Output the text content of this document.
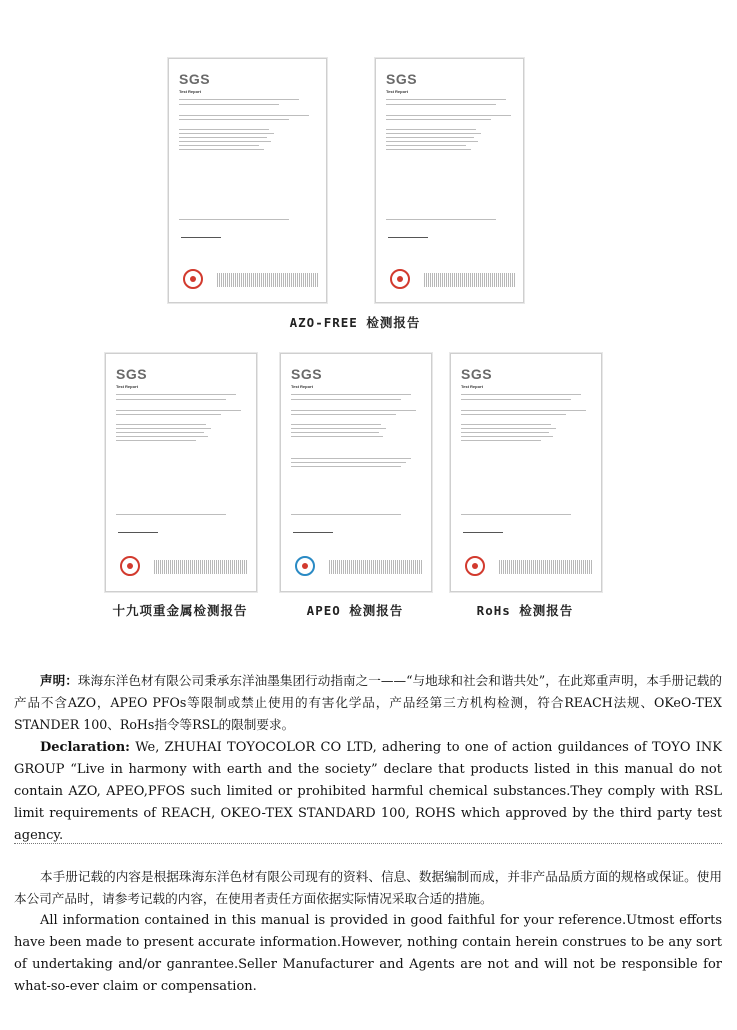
SGS
Test Report
SGS
Test Report
AZO-FREE 检测报告
SGS
Test Report
SGS
Test Report
SGS
Test Report
十九项重金属检测报告	APEO 检测报告	RoHs 检测报告
声明：珠海东洋色材有限公司秉承东洋油墨集团行动指南之一——“与地球和社会和谐共处”，在此郑重声明，本手册记载的产品不含AZO，APEO PFOs等限制或禁止使用的有害化学品，产品经第三方机构检测，符合REACH法规、OKeO-TEX STANDER 100、RoHs指令等RSL的限制要求。
Declaration: We, ZHUHAI TOYOCOLOR CO LTD, adhering to one of action guildances of TOYO INK GROUP “Live in harmony with earth and the society” declare that products listed in this manual do not contain AZO, APEO,PFOS such limited or prohibited harmful chemical substances.They comply with RSL limit requirements of REACH, OKEO-TEX STANDARD 100, ROHS which approved by the third party test agency.
本手册记载的内容是根据珠海东洋色材有限公司现有的资料、信息、数据编制而成，并非产品品质方面的规格或保证。使用本公司产品时，请参考记载的内容，在使用者责任方面依据实际情况采取合适的措施。
All information contained in this manual is provided in good faithful for your reference.Utmost efforts have been made to present accurate information.However, nothing contain herein construes to be any sort of undertaking and/or ganrantee.Seller Manufacturer and Agents are not and will not be responsible for what-so-ever claim or compensation.
